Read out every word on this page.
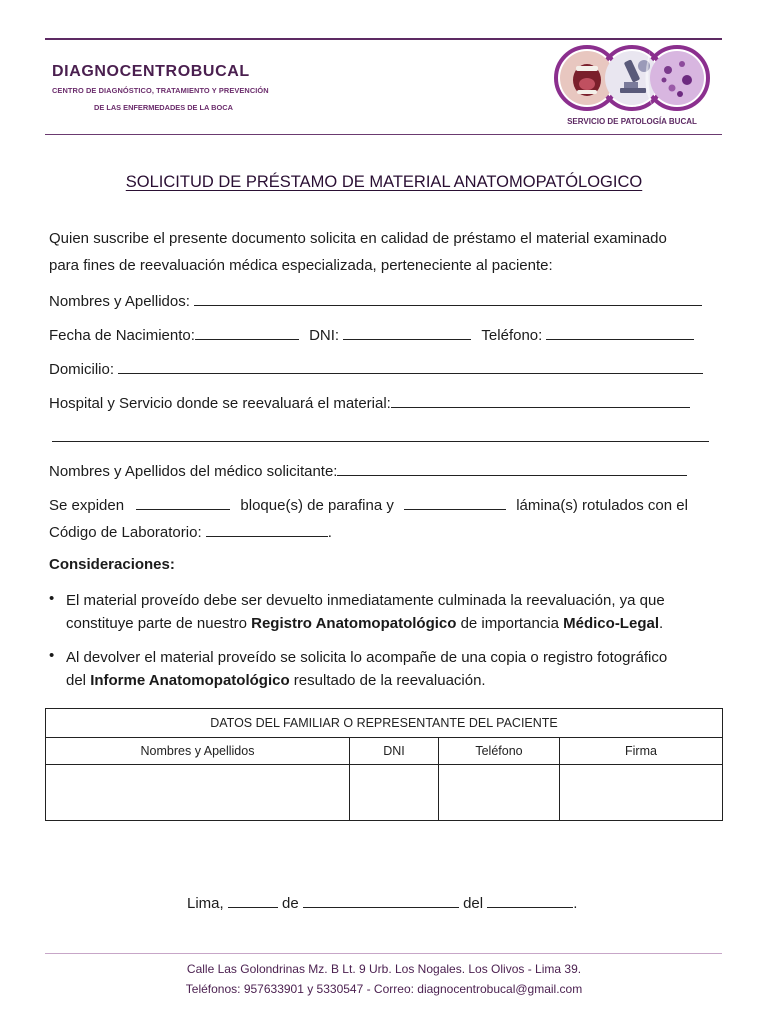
DIAGNOCENTROBUCAL
CENTRO DE DIAGNÓSTICO, TRATAMIENTO Y PREVENCIÓN
DE LAS ENFERMEDADES DE LA BOCA
SERVICIO DE PATOLOGÍA BUCAL
SOLICITUD DE PRÉSTAMO DE MATERIAL ANATOMOPATÓLOGICO
Quien suscribe el presente documento solicita en calidad de préstamo el material examinado
para fines de reevaluación médica especializada, perteneciente al paciente:
Nombres y Apellidos:
Fecha de Nacimiento:	DNI:	Teléfono:
Domicilio:
Hospital y Servicio donde se reevaluará el material:
Nombres y Apellidos del médico solicitante:
Se expiden	bloque(s) de parafina y	lámina(s) rotulados con el
Código de Laboratorio:	.
Consideraciones:
• El material proveído debe ser devuelto inmediatamente culminada la reevaluación, ya que
constituye parte de nuestro Registro Anatomopatológico de importancia Médico-Legal.
• Al devolver el material proveído se solicita lo acompañe de una copia o registro fotográfico
del Informe Anatomopatológico resultado de la reevaluación.
DATOS DEL FAMILIAR O REPRESENTANTE DEL PACIENTE			
Nombres y Apellidos	DNI	Teléfono	Firma

Lima,	de	del	.
Calle Las Golondrinas Mz. B Lt. 9 Urb. Los Nogales. Los Olivos - Lima 39.
Teléfonos: 957633901 y 5330547 - Correo: diagnocentrobucal@gmail.com
